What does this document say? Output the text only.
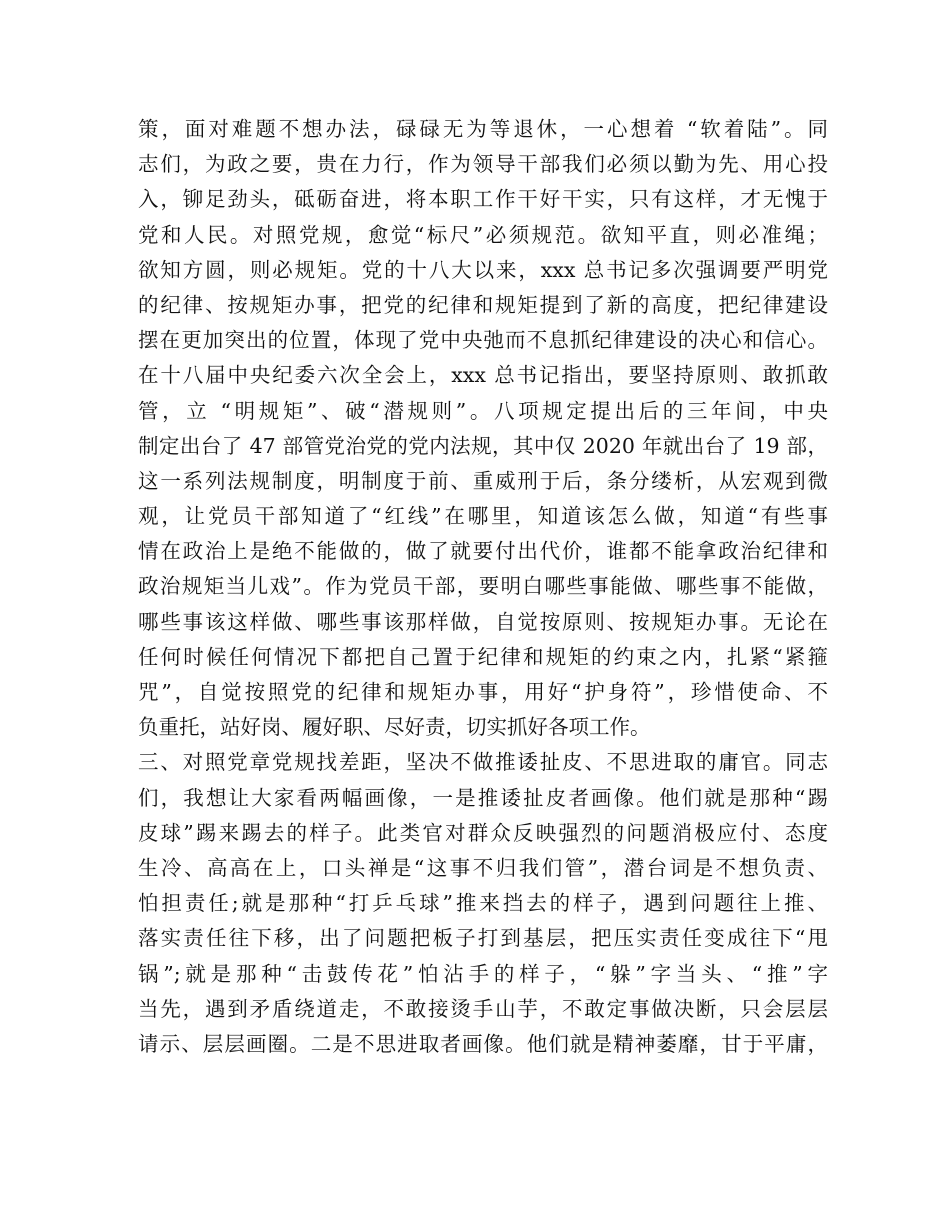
策，面对难题不想办法，碌碌无为等退休，一心想着 “软着陆”。同
志们，为政之要，贵在力行，作为领导干部我们必须以勤为先、用心投
入，铆足劲头，砥砺奋进，将本职工作干好干实，只有这样，才无愧于
党和人民。对照党规，愈觉“标尺”必须规范。欲知平直，则必准绳；
欲知方圆，则必规矩。党的十八大以来，xxx 总书记多次强调要严明党
的纪律、按规矩办事，把党的纪律和规矩提到了新的高度，把纪律建设
摆在更加突出的位置，体现了党中央弛而不息抓纪律建设的决心和信心。
在十八届中央纪委六次全会上，xxx 总书记指出，要坚持原则、敢抓敢
管，立 “明规矩”、破“潜规则”。八项规定提出后的三年间，中央
制定出台了 47 部管党治党的党内法规，其中仅 2020 年就出台了 19 部，
这一系列法规制度，明制度于前、重威刑于后，条分缕析，从宏观到微
观，让党员干部知道了“红线”在哪里，知道该怎么做，知道“有些事
情在政治上是绝不能做的，做了就要付出代价，谁都不能拿政治纪律和
政治规矩当儿戏”。作为党员干部，要明白哪些事能做、哪些事不能做，
哪些事该这样做、哪些事该那样做，自觉按原则、按规矩办事。无论在
任何时候任何情况下都把自己置于纪律和规矩的约束之内，扎紧“紧箍
咒”，自觉按照党的纪律和规矩办事，用好“护身符”，珍惜使命、不
负重托，站好岗、履好职、尽好责，切实抓好各项工作。
三、对照党章党规找差距，坚决不做推诿扯皮、不思进取的庸官。同志
们，我想让大家看两幅画像，一是推诿扯皮者画像。他们就是那种“踢
皮球”踢来踢去的样子。此类官对群众反映强烈的问题消极应付、态度
生冷、高高在上，口头禅是“这事不归我们管”，潜台词是不想负责、
怕担责任;就是那种“打乒乓球”推来挡去的样子，遇到问题往上推、
落实责任往下移，出了问题把板子打到基层，把压实责任变成往下“甩
锅”;就是那种“击鼓传花”怕沾手的样子，“躲”字当头、“推”字
当先，遇到矛盾绕道走，不敢接烫手山芋，不敢定事做决断，只会层层
请示、层层画圈。二是不思进取者画像。他们就是精神萎靡，甘于平庸，
